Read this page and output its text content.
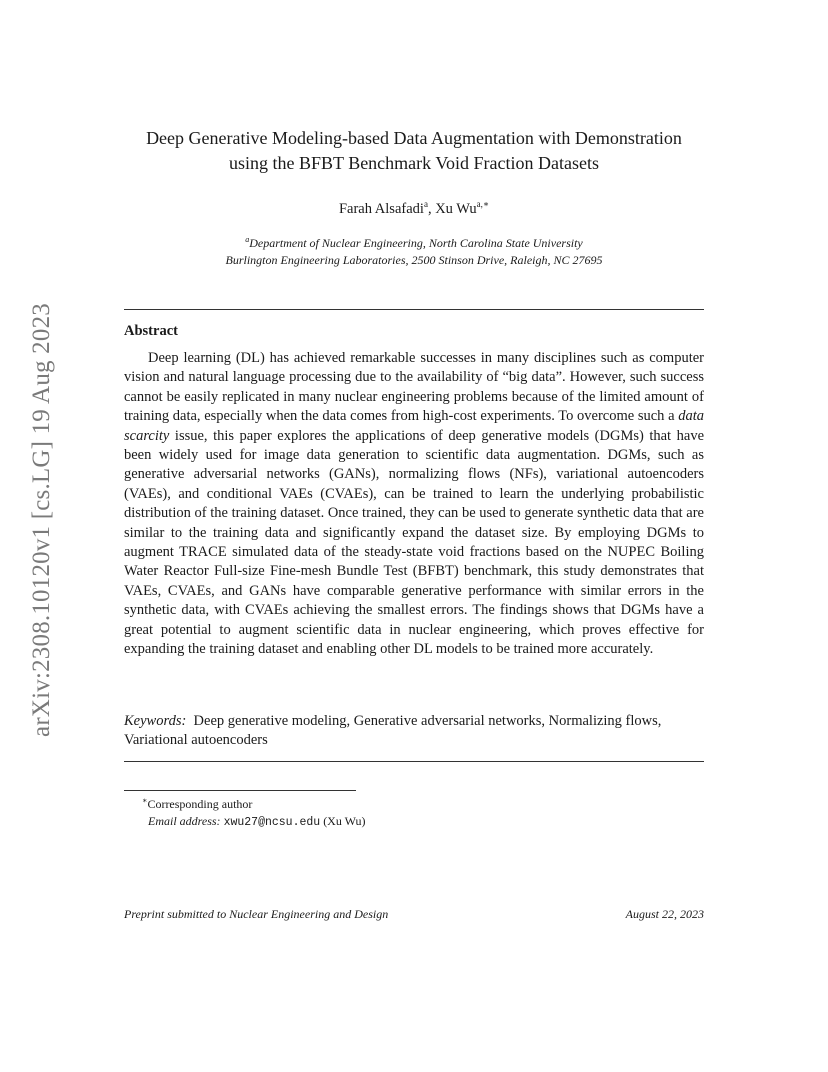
arXiv:2308.10120v1 [cs.LG] 19 Aug 2023
Deep Generative Modeling-based Data Augmentation with Demonstration
using the BFBT Benchmark Void Fraction Datasets
Farah Alsafadi$^a$, Xu $Wu^{a,∗}$
$^a$Department of Nuclear Engineering, North Carolina State University
Burlington Engineering Laboratories, 2500 Stinson Drive, Raleigh, NC 27695
Abstract
Deep learning (DL) has achieved remarkable successes in many disciplines such as computer vision and natural language processing due to the availability of “big data”. However, such success cannot be easily replicated in many nuclear engineering problems because of the limited amount of training data, especially when the data comes from high-cost experiments. To overcome such a data scarcity issue, this paper explores the applications of deep generative models (DGMs) that have been widely used for image data generation to scientific data augmentation. DGMs, such as generative adversarial networks (GANs), normalizing flows (NFs), variational autoencoders (VAEs), and conditional VAEs (CVAEs), can be trained to learn the underlying probabilistic distribution of the training dataset. Once trained, they can be used to generate synthetic data that are similar to the training data and significantly expand the dataset size. By employing DGMs to augment TRACE simulated data of the steady-state void fractions based on the NUPEC Boiling Water Reactor Full-size Fine-mesh Bundle Test (BFBT) benchmark, this study demonstrates that VAEs, CVAEs, and GANs have comparable generative performance with similar errors in the synthetic data, with CVAEs achieving the smallest errors. The findings shows that DGMs have a great potential to augment scientific data in nuclear engineering, which proves effective for expanding the training dataset and enabling other DL models to be trained more accurately.
Keywords: Deep generative modeling, Generative adversarial networks, Normalizing flows, Variational autoencoders
∗Corresponding author
Email address: xwu27@ncsu.edu (Xu Wu)
Preprint submitted to Nuclear Engineering and Design	August 22, 2023
